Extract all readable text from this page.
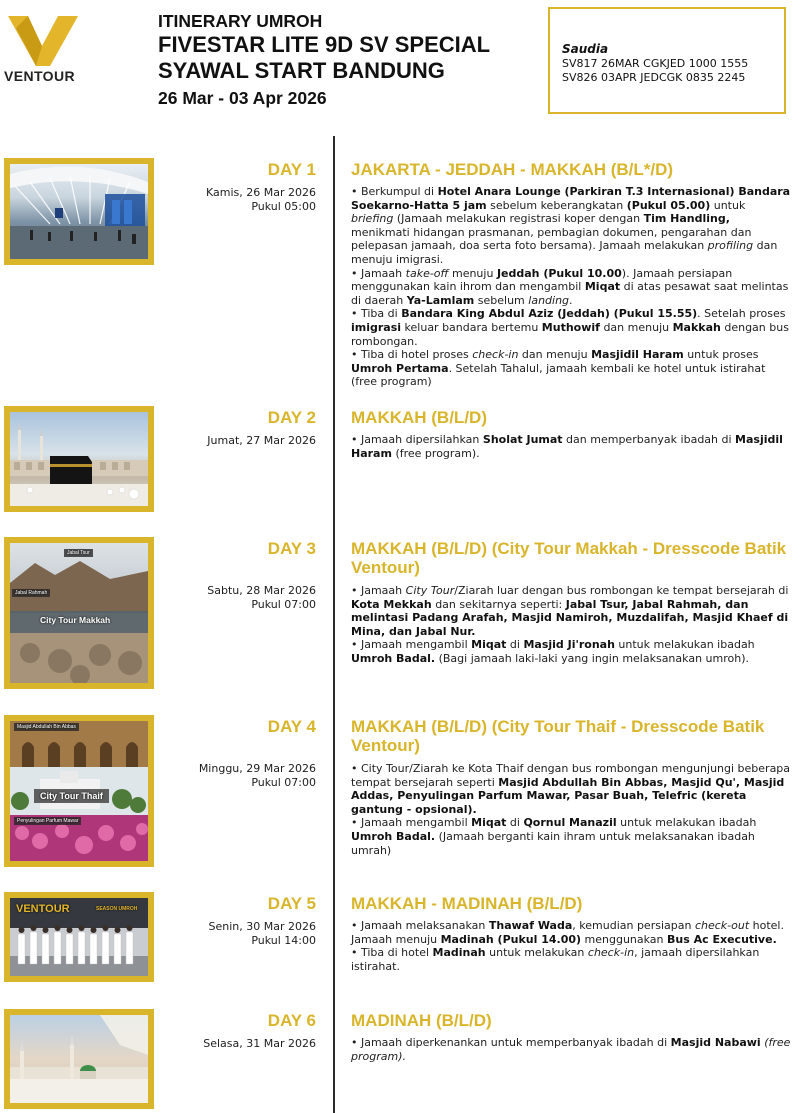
VENTOUR
ITINERARY UMROH
FIVESTAR LITE 9D SV SPECIAL
SYAWAL START BANDUNG
26 Mar - 03 Apr 2026
Saudia
SV817 26MAR CGKJED 1000 1555
SV826 03APR JEDCGK 0835 2245
DAY 1
Kamis, 26 Mar 2026
Pukul 05:00
JAKARTA - JEDDAH - MAKKAH (B/L*/D)
• Berkumpul di Hotel Anara Lounge (Parkiran T.3 Internasional) Bandara Soekarno-Hatta 5 jam sebelum keberangkatan (Pukul 05.00) untuk briefing (Jamaah melakukan registrasi koper dengan Tim Handling, menikmati hidangan prasmanan, pembagian dokumen, pengarahan dan pelepasan jamaah, doa serta foto bersama). Jamaah melakukan profiling dan menuju imigrasi.
• Jamaah take-off menuju Jeddah (Pukul 10.00). Jamaah persiapan menggunakan kain ihrom dan mengambil Miqat di atas pesawat saat melintas di daerah Ya-Lamlam sebelum landing.
• Tiba di Bandara King Abdul Aziz (Jeddah) (Pukul 15.55). Setelah proses imigrasi keluar bandara bertemu Muthowif dan menuju Makkah dengan bus rombongan.
• Tiba di hotel proses check-in dan menuju Masjidil Haram untuk proses Umroh Pertama. Setelah Tahalul, jamaah kembali ke hotel untuk istirahat (free program)
DAY 2
Jumat, 27 Mar 2026
MAKKAH (B/L/D)
• Jamaah dipersilahkan Sholat Jumat dan memperbanyak ibadah di Masjidil Haram (free program).
Jabal Tsur
Jabal Rahmah
City Tour Makkah
DAY 3
Sabtu, 28 Mar 2026
Pukul 07:00
MAKKAH (B/L/D) (City Tour Makkah - Dresscode Batik Ventour)
• Jamaah City Tour/Ziarah luar dengan bus rombongan ke tempat bersejarah di Kota Mekkah dan sekitarnya seperti: Jabal Tsur, Jabal Rahmah, dan melintasi Padang Arafah, Masjid Namiroh, Muzdalifah, Masjid Khaef di Mina, dan Jabal Nur.
• Jamaah mengambil Miqat di Masjid Ji'ronah untuk melakukan ibadah Umroh Badal. (Bagi jamaah laki-laki yang ingin melaksanakan umroh).
Masjid Abdullah Bin Abbas
City Tour Thaif
Penyulingan Parfum Mawar
DAY 4
Minggu, 29 Mar 2026
Pukul 07:00
MAKKAH (B/L/D) (City Tour Thaif - Dresscode Batik Ventour)
• City Tour/Ziarah ke Kota Thaif dengan bus rombongan mengunjungi beberapa tempat bersejarah seperti Masjid Abdullah Bin Abbas, Masjid Qu', Masjid Addas, Penyulingan Parfum Mawar, Pasar Buah, Telefric (kereta gantung - opsional).
• Jamaah mengambil Miqat di Qornul Manazil untuk melakukan ibadah Umroh Badal. (Jamaah berganti kain ihram untuk melaksanakan ibadah umrah)
VENTOUR	SEASON UMROH	DAY 5
Senin, 30 Mar 2026
Pukul 14:00
MAKKAH - MADINAH (B/L/D)
• Jamaah melaksanakan Thawaf Wada, kemudian persiapan check-out hotel. Jamaah menuju Madinah (Pukul 14.00) menggunakan Bus Ac Executive.
• Tiba di hotel Madinah untuk melakukan check-in, jamaah dipersilahkan istirahat.
DAY 6
Selasa, 31 Mar 2026
MADINAH (B/L/D)
• Jamaah diperkenankan untuk memperbanyak ibadah di Masjid Nabawi (free program).
